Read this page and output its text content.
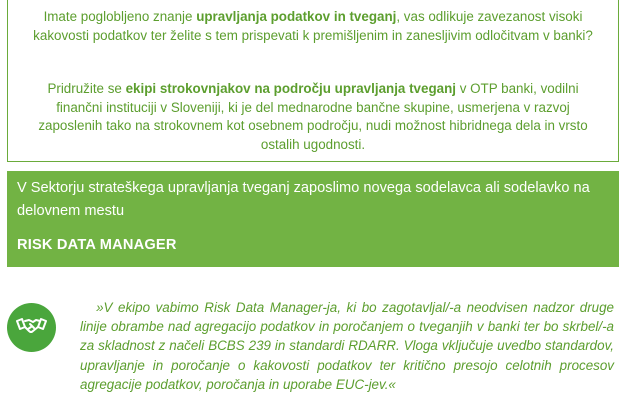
Imate poglobljeno znanje upravljanja podatkov in tveganj, vas odlikuje zavezanost visoki kakovosti podatkov ter želite s tem prispevati k premišljenim in zanesljivim odločitvam v banki?

Pridružite se ekipi strokovnjakov na področju upravljanja tveganj v OTP banki, vodilni finančni instituciji v Sloveniji, ki je del mednarodne bančne skupine, usmerjena v razvoj zaposlenih tako na strokovnem kot osebnem področju, nudi možnost hibridnega dela in vrsto ostalih ugodnosti.

V Sektorju strateškega upravljanja tveganj zaposlimo novega sodelavca ali sodelavko na delovnem mestu

RISK DATA MANAGER

»V ekipo vabimo Risk Data Manager-ja, ki bo zagotavljal/-a neodvisen nadzor druge linije obrambe nad agregacijo podatkov in poročanjem o tveganjih v banki ter bo skrbel/-a za skladnost z načeli BCBS 239 in standardi RDARR. Vloga vključuje uvedbo standardov, upravljanje in poročanje o kakovosti podatkov ter kritično presojo celotnih procesov agregacije podatkov, poročanja in uporabe EUC-jev.«
